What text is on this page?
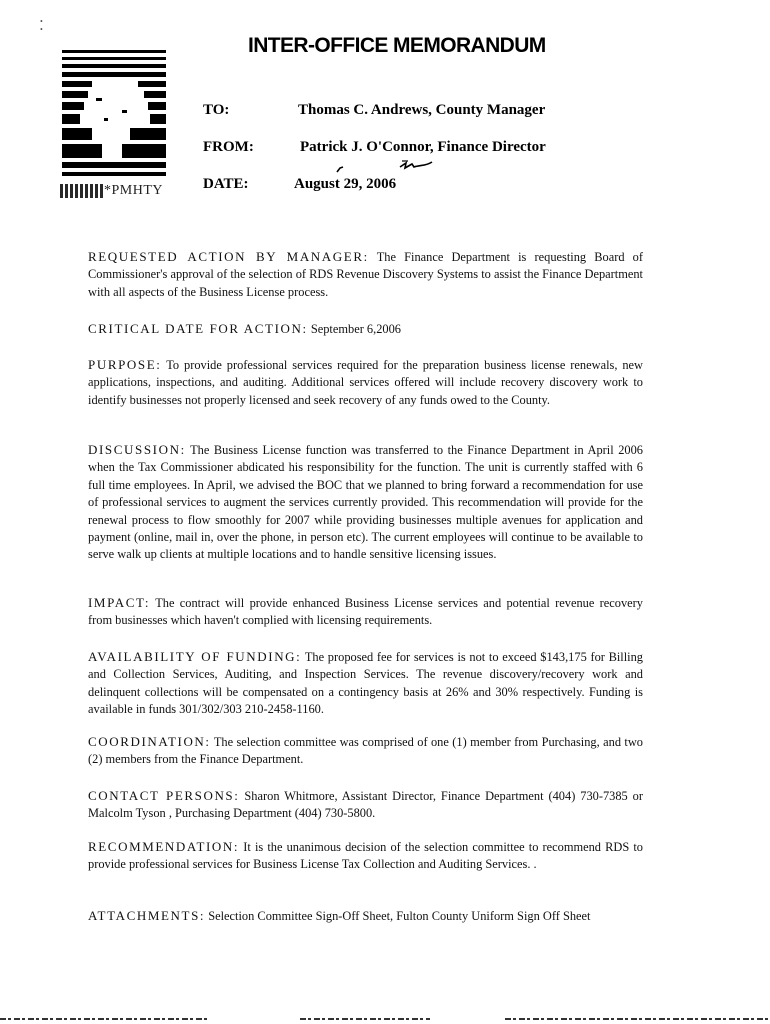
•
•
*PMHTY
INTER-OFFICE MEMORANDUM
TO:	Thomas C. Andrews, County Manager
FROM:	Patrick J. O'Connor, Finance Director
DATE:	August 29, 2006
REQUESTED ACTION BY MANAGER: The Finance Department is requesting Board of Commissioner's approval of the selection of RDS Revenue Discovery Systems to assist the Finance Department with all aspects of the Business License process.
CRITICAL DATE FOR ACTION: September 6,2006
PURPOSE: To provide professional services required for the preparation business license renewals, new applications, inspections, and auditing. Additional services offered will include recovery discovery work to identify businesses not properly licensed and seek recovery of any funds owed to the County.
DISCUSSION: The Business License function was transferred to the Finance Department in April 2006 when the Tax Commissioner abdicated his responsibility for the function. The unit is currently staffed with 6 full time employees. In April, we advised the BOC that we planned to bring forward a recommendation for use of professional services to augment the services currently provided. This recommendation will provide for the renewal process to flow smoothly for 2007 while providing businesses multiple avenues for application and payment (online, mail in, over the phone, in person etc). The current employees will continue to be available to serve walk up clients at multiple locations and to handle sensitive licensing issues.
IMPACT: The contract will provide enhanced Business License services and potential revenue recovery from businesses which haven't complied with licensing requirements.
AVAILABILITY OF FUNDING: The proposed fee for services is not to exceed $143,175 for Billing and Collection Services, Auditing, and Inspection Services. The revenue discovery/recovery work and delinquent collections will be compensated on a contingency basis at 26% and 30% respectively. Funding is available in funds 301/302/303 210-2458-1160.
COORDINATION: The selection committee was comprised of one (1) member from Purchasing, and two (2) members from the Finance Department.
CONTACT PERSONS: Sharon Whitmore, Assistant Director, Finance Department (404) 730-7385 or Malcolm Tyson , Purchasing Department (404) 730-5800.
RECOMMENDATION: It is the unanimous decision of the selection committee to recommend RDS to provide professional services for Business License Tax Collection and Auditing Services. .
ATTACHMENTS: Selection Committee Sign-Off Sheet, Fulton County Uniform Sign Off Sheet
